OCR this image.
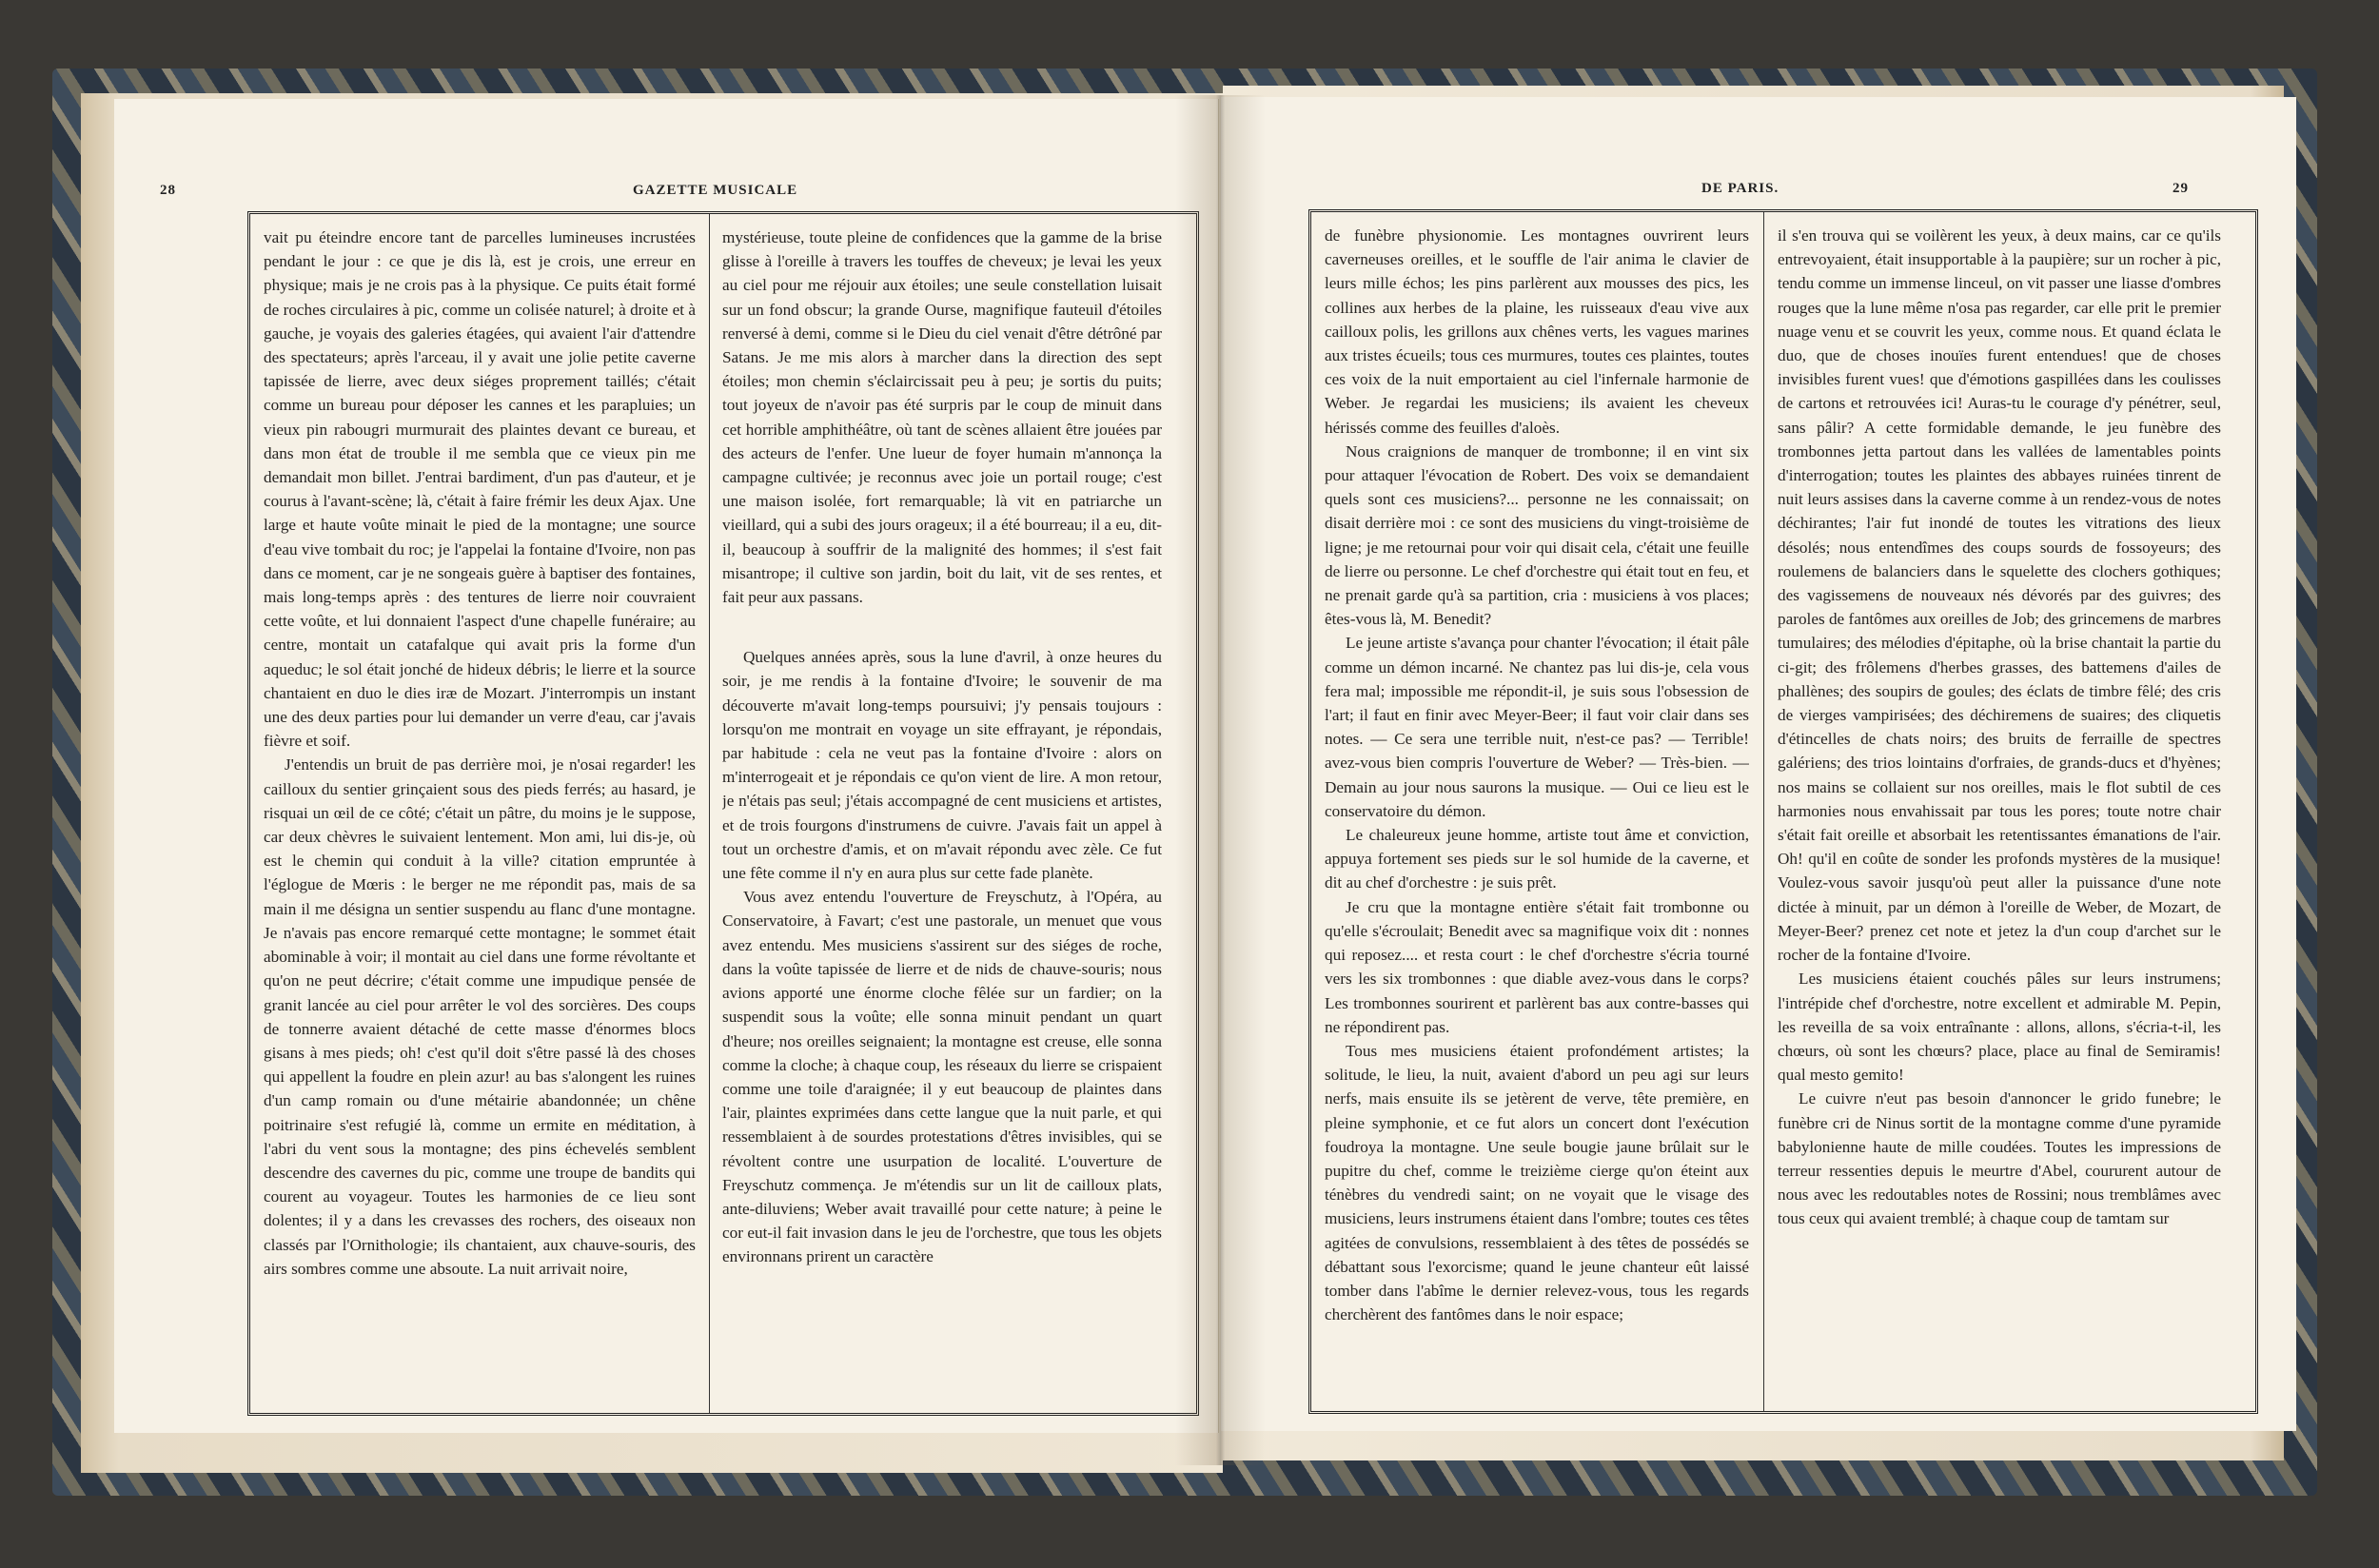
28	GAZETTE MUSICALE

vait pu éteindre encore tant de parcelles lumineuses incrustées pendant le jour : ce que je dis là, est je crois, une erreur en physique; mais je ne crois pas à la physique. Ce puits était formé de roches circulaires à pic, comme un colisée naturel; à droite et à gauche, je voyais des galeries étagées, qui avaient l'air d'attendre des spectateurs; après l'arceau, il y avait une jolie petite caverne tapissée de lierre, avec deux siéges proprement taillés; c'était comme un bureau pour déposer les cannes et les parapluies; un vieux pin rabougri murmurait des plaintes devant ce bureau, et dans mon état de trouble il me sembla que ce vieux pin me demandait mon billet. J'entrai bardiment, d'un pas d'auteur, et je courus à l'avant-scène; là, c'était à faire frémir les deux Ajax. Une large et haute voûte minait le pied de la montagne; une source d'eau vive tombait du roc; je l'appelai la fontaine d'Ivoire, non pas dans ce moment, car je ne songeais guère à baptiser des fontaines, mais long-temps après : des tentures de lierre noir couvraient cette voûte, et lui donnaient l'aspect d'une chapelle funéraire; au centre, montait un catafalque qui avait pris la forme d'un aqueduc; le sol était jonché de hideux débris; le lierre et la source chantaient en duo le dies iræ de Mozart. J'interrompis un instant une des deux parties pour lui demander un verre d'eau, car j'avais fièvre et soif.

J'entendis un bruit de pas derrière moi, je n'osai regarder! les cailloux du sentier grinçaient sous des pieds ferrés; au hasard, je risquai un œil de ce côté; c'était un pâtre, du moins je le suppose, car deux chèvres le suivaient lentement. Mon ami, lui dis-je, où est le chemin qui conduit à la ville? citation empruntée à l'églogue de Mœris : le berger ne me répondit pas, mais de sa main il me désigna un sentier suspendu au flanc d'une montagne. Je n'avais pas encore remarqué cette montagne; le sommet était abominable à voir; il montait au ciel dans une forme révoltante et qu'on ne peut décrire; c'était comme une impudique pensée de granit lancée au ciel pour arrêter le vol des sorcières. Des coups de tonnerre avaient détaché de cette masse d'énormes blocs gisans à mes pieds; oh! c'est qu'il doit s'être passé là des choses qui appellent la foudre en plein azur! au bas s'alongent les ruines d'un camp romain ou d'une métairie abandonnée; un chêne poitrinaire s'est refugié là, comme un ermite en méditation, à l'abri du vent sous la montagne; des pins échevelés semblent descendre des cavernes du pic, comme une troupe de bandits qui courent au voyageur. Toutes les harmonies de ce lieu sont dolentes; il y a dans les crevasses des rochers, des oiseaux non classés par l'Ornithologie; ils chantaient, aux chauve-souris, des airs sombres comme une absoute. La nuit arrivait noire,

mystérieuse, toute pleine de confidences que la gamme de la brise glisse à l'oreille à travers les touffes de cheveux; je levai les yeux au ciel pour me réjouir aux étoiles; une seule constellation luisait sur un fond obscur; la grande Ourse, magnifique fauteuil d'étoiles renversé à demi, comme si le Dieu du ciel venait d'être détrôné par Satans. Je me mis alors à marcher dans la direction des sept étoiles; mon chemin s'éclaircissait peu à peu; je sortis du puits; tout joyeux de n'avoir pas été surpris par le coup de minuit dans cet horrible amphithéâtre, où tant de scènes allaient être jouées par des acteurs de l'enfer. Une lueur de foyer humain m'annonça la campagne cultivée; je reconnus avec joie un portail rouge; c'est une maison isolée, fort remarquable; là vit en patriarche un vieillard, qui a subi des jours orageux; il a été bourreau; il a eu, dit-il, beaucoup à souffrir de la malignité des hommes; il s'est fait misantrope; il cultive son jardin, boit du lait, vit de ses rentes, et fait peur aux passans.

Quelques années après, sous la lune d'avril, à onze heures du soir, je me rendis à la fontaine d'Ivoire; le souvenir de ma découverte m'avait long-temps poursuivi; j'y pensais toujours : lorsqu'on me montrait en voyage un site effrayant, je répondais, par habitude : cela ne veut pas la fontaine d'Ivoire : alors on m'interrogeait et je répondais ce qu'on vient de lire. A mon retour, je n'étais pas seul; j'étais accompagné de cent musiciens et artistes, et de trois fourgons d'instrumens de cuivre. J'avais fait un appel à tout un orchestre d'amis, et on m'avait répondu avec zèle. Ce fut une fête comme il n'y en aura plus sur cette fade planète.

Vous avez entendu l'ouverture de Freyschutz, à l'Opéra, au Conservatoire, à Favart; c'est une pastorale, un menuet que vous avez entendu. Mes musiciens s'assirent sur des siéges de roche, dans la voûte tapissée de lierre et de nids de chauve-souris; nous avions apporté une énorme cloche fêlée sur un fardier; on la suspendit sous la voûte; elle sonna minuit pendant un quart d'heure; nos oreilles seignaient; la montagne est creuse, elle sonna comme la cloche; à chaque coup, les réseaux du lierre se crispaient comme une toile d'araignée; il y eut beaucoup de plaintes dans l'air, plaintes exprimées dans cette langue que la nuit parle, et qui ressemblaient à de sourdes protestations d'êtres invisibles, qui se révoltent contre une usurpation de localité. L'ouverture de Freyschutz commença. Je m'étendis sur un lit de cailloux plats, ante-diluviens; Weber avait travaillé pour cette nature; à peine le cor eut-il fait invasion dans le jeu de l'orchestre, que tous les objets environnans prirent un caractère

DE PARIS.	29

de funèbre physionomie. Les montagnes ouvrirent leurs caverneuses oreilles, et le souffle de l'air anima le clavier de leurs mille échos; les pins parlèrent aux mousses des pics, les collines aux herbes de la plaine, les ruisseaux d'eau vive aux cailloux polis, les grillons aux chênes verts, les vagues marines aux tristes écueils; tous ces murmures, toutes ces plaintes, toutes ces voix de la nuit emportaient au ciel l'infernale harmonie de Weber. Je regardai les musiciens; ils avaient les cheveux hérissés comme des feuilles d'aloès.

Nous craignions de manquer de trombonne; il en vint six pour attaquer l'évocation de Robert. Des voix se demandaient quels sont ces musiciens?... personne ne les connaissait; on disait derrière moi : ce sont des musiciens du vingt-troisième de ligne; je me retournai pour voir qui disait cela, c'était une feuille de lierre ou personne. Le chef d'orchestre qui était tout en feu, et ne prenait garde qu'à sa partition, cria : musiciens à vos places; êtes-vous là, M. Benedit?

Le jeune artiste s'avança pour chanter l'évocation; il était pâle comme un démon incarné. Ne chantez pas lui dis-je, cela vous fera mal; impossible me répondit-il, je suis sous l'obsession de l'art; il faut en finir avec Meyer-Beer; il faut voir clair dans ses notes. — Ce sera une terrible nuit, n'est-ce pas? — Terrible! avez-vous bien compris l'ouverture de Weber? — Très-bien. — Demain au jour nous saurons la musique. — Oui ce lieu est le conservatoire du démon.

Le chaleureux jeune homme, artiste tout âme et conviction, appuya fortement ses pieds sur le sol humide de la caverne, et dit au chef d'orchestre : je suis prêt.

Je cru que la montagne entière s'était fait trombonne ou qu'elle s'écroulait; Benedit avec sa magnifique voix dit : nonnes qui reposez.... et resta court : le chef d'orchestre s'écria tourné vers les six trombonnes : que diable avez-vous dans le corps? Les trombonnes sourirent et parlèrent bas aux contre-basses qui ne répondirent pas.

Tous mes musiciens étaient profondément artistes; la solitude, le lieu, la nuit, avaient d'abord un peu agi sur leurs nerfs, mais ensuite ils se jetèrent de verve, tête première, en pleine symphonie, et ce fut alors un concert dont l'exécution foudroya la montagne. Une seule bougie jaune brûlait sur le pupitre du chef, comme le treizième cierge qu'on éteint aux ténèbres du vendredi saint; on ne voyait que le visage des musiciens, leurs instrumens étaient dans l'ombre; toutes ces têtes agitées de convulsions, ressemblaient à des têtes de possédés se débattant sous l'exorcisme; quand le jeune chanteur eût laissé tomber dans l'abîme le dernier relevez-vous, tous les regards cherchèrent des fantômes dans le noir espace;

il s'en trouva qui se voilèrent les yeux, à deux mains, car ce qu'ils entrevoyaient, était insupportable à la paupière; sur un rocher à pic, tendu comme un immense linceul, on vit passer une liasse d'ombres rouges que la lune même n'osa pas regarder, car elle prit le premier nuage venu et se couvrit les yeux, comme nous. Et quand éclata le duo, que de choses inouïes furent entendues! que de choses invisibles furent vues! que d'émotions gaspillées dans les coulisses de cartons et retrouvées ici! Auras-tu le courage d'y pénétrer, seul, sans pâlir? A cette formidable demande, le jeu funèbre des trombonnes jetta partout dans les vallées de lamentables points d'interrogation; toutes les plaintes des abbayes ruinées tinrent de nuit leurs assises dans la caverne comme à un rendez-vous de notes déchirantes; l'air fut inondé de toutes les vitrations des lieux désolés; nous entendîmes des coups sourds de fossoyeurs; des roulemens de balanciers dans le squelette des clochers gothiques; des vagissemens de nouveaux nés dévorés par des guivres; des paroles de fantômes aux oreilles de Job; des grincemens de marbres tumulaires; des mélodies d'épitaphe, où la brise chantait la partie du ci-git; des frôlemens d'herbes grasses, des battemens d'ailes de phallènes; des soupirs de goules; des éclats de timbre fêlé; des cris de vierges vampirisées; des déchiremens de suaires; des cliquetis d'étincelles de chats noirs; des bruits de ferraille de spectres galériens; des trios lointains d'orfraies, de grands-ducs et d'hyènes; nos mains se collaient sur nos oreilles, mais le flot subtil de ces harmonies nous envahissait par tous les pores; toute notre chair s'était fait oreille et absorbait les retentissantes émanations de l'air. Oh! qu'il en coûte de sonder les profonds mystères de la musique! Voulez-vous savoir jusqu'où peut aller la puissance d'une note dictée à minuit, par un démon à l'oreille de Weber, de Mozart, de Meyer-Beer? prenez cet note et jetez la d'un coup d'archet sur le rocher de la fontaine d'Ivoire.

Les musiciens étaient couchés pâles sur leurs instrumens; l'intrépide chef d'orchestre, notre excellent et admirable M. Pepin, les reveilla de sa voix entraînante : allons, allons, s'écria-t-il, les chœurs, où sont les chœurs? place, place au final de Semiramis! qual mesto gemito!

Le cuivre n'eut pas besoin d'annoncer le grido funebre; le funèbre cri de Ninus sortit de la montagne comme d'une pyramide babylonienne haute de mille coudées. Toutes les impressions de terreur ressenties depuis le meurtre d'Abel, coururent autour de nous avec les redoutables notes de Rossini; nous tremblâmes avec tous ceux qui avaient tremblé; à chaque coup de tamtam sur
